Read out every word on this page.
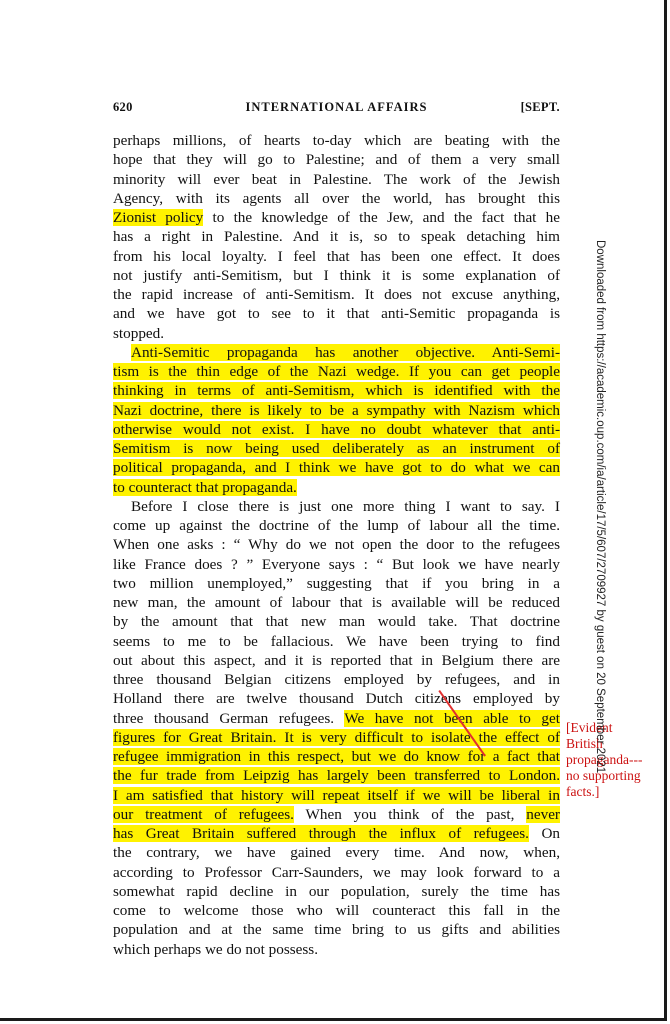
620	INTERNATIONAL AFFAIRS	[SEPT.
perhaps millions, of hearts to-day which are beating with the
hope that they will go to Palestine; and of them a very small
minority will ever beat in Palestine. The work of the Jewish
Agency, with its agents all over the world, has brought this
Zionist policy to the knowledge of the Jew, and the fact that he
has a right in Palestine. And it is, so to speak detaching him
from his local loyalty. I feel that has been one effect. It does
not justify anti-Semitism, but I think it is some explanation of
the rapid increase of anti-Semitism. It does not excuse anything,
and we have got to see to it that anti-Semitic propaganda is
stopped.
Anti-Semitic propaganda has another objective. Anti-Semi-
tism is the thin edge of the Nazi wedge. If you can get people
thinking in terms of anti-Semitism, which is identified with the
Nazi doctrine, there is likely to be a sympathy with Nazism which
otherwise would not exist. I have no doubt whatever that anti-
Semitism is now being used deliberately as an instrument of
political propaganda, and I think we have got to do what we can
to counteract that propaganda.
Before I close there is just one more thing I want to say. I
come up against the doctrine of the lump of labour all the time.
When one asks : “ Why do we not open the door to the refugees
like France does ? ” Everyone says : “ But look we have nearly
two million unemployed,” suggesting that if you bring in a
new man, the amount of labour that is available will be reduced
by the amount that that new man would take. That doctrine
seems to me to be fallacious. We have been trying to find
out about this aspect, and it is reported that in Belgium there are
three thousand Belgian citizens employed by refugees, and in
Holland there are twelve thousand Dutch citizens employed by
three thousand German refugees. We have not been able to get
figures for Great Britain. It is very difficult to isolate the effect of
refugee immigration in this respect, but we do know for a fact that
the fur trade from Leipzig has largely been transferred to London.
I am satisfied that history will repeat itself if we will be liberal in
our treatment of refugees. When you think of the past, never
has Great Britain suffered through the influx of refugees. On
the contrary, we have gained every time. And now, when,
according to Professor Carr-Saunders, we may look forward to a
somewhat rapid decline in our population, surely the time has
come to welcome those who will counteract this fall in the
population and at the same time bring to us gifts and abilities
which perhaps we do not possess.
[Evident
British
propaganda---
no supporting
facts.]
Downloaded from https://academic.oup.com/ia/article/17/5/607/2709927 by guest on 20 September 2021
